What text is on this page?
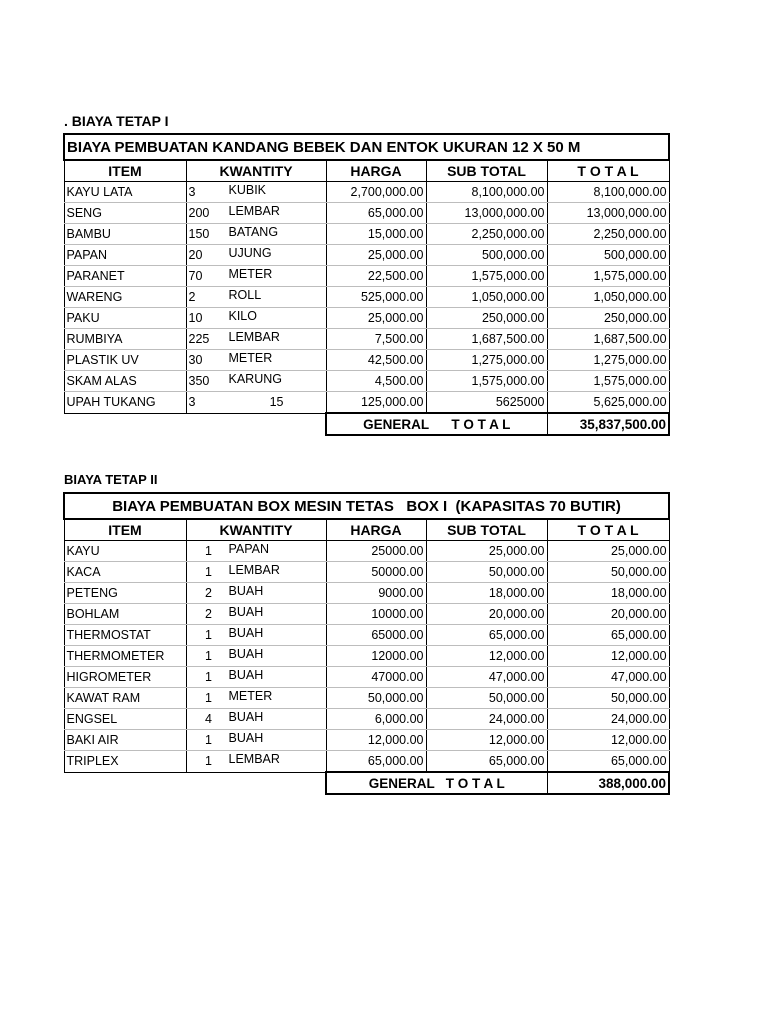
. BIAYA TETAP I
BIAYA PEMBUATAN KANDANG BEBEK DAN ENTOK UKURAN 12 X 50 M				
ITEM	KWANTITY	HARGA	SUB TOTAL	T O T A L
KAYU LATA	3 KUBIK	2,700,000.00	8,100,000.00	8,100,000.00
SENG	200 LEMBAR	65,000.00	13,000,000.00	13,000,000.00
BAMBU	150 BATANG	15,000.00	2,250,000.00	2,250,000.00
PAPAN	20 UJUNG	25,000.00	500,000.00	500,000.00
PARANET	70 METER	22,500.00	1,575,000.00	1,575,000.00
WARENG	2 ROLL	525,000.00	1,050,000.00	1,050,000.00
PAKU	10 KILO	25,000.00	250,000.00	250,000.00
RUMBIYA	225 LEMBAR	7,500.00	1,687,500.00	1,687,500.00
PLASTIK UV	30 METER	42,500.00	1,275,000.00	1,275,000.00
SKAM ALAS	350 KARUNG	4,500.00	1,575,000.00	1,575,000.00
UPAH TUKANG	3 15	125,000.00	5625000	5,625,000.00
		GENERAL      T O T A L		35,837,500.00
BIAYA TETAP II
BIAYA PEMBUATAN BOX MESIN TETAS   BOX I  (KAPASITAS 70 BUTIR)				
ITEM	KWANTITY	HARGA	SUB TOTAL	T O T A L
KAYU	1 PAPAN	25000.00	25,000.00	25,000.00
KACA	1 LEMBAR	50000.00	50,000.00	50,000.00
PETENG	2 BUAH	9000.00	18,000.00	18,000.00
BOHLAM	2 BUAH	10000.00	20,000.00	20,000.00
THERMOSTAT	1 BUAH	65000.00	65,000.00	65,000.00
THERMOMETER	1 BUAH	12000.00	12,000.00	12,000.00
HIGROMETER	1 BUAH	47000.00	47,000.00	47,000.00
KAWAT RAM	1 METER	50,000.00	50,000.00	50,000.00
ENGSEL	4 BUAH	6,000.00	24,000.00	24,000.00
BAKI AIR	1 BUAH	12,000.00	12,000.00	12,000.00
TRIPLEX	1 LEMBAR	65,000.00	65,000.00	65,000.00
		GENERAL   T O T A L		388,000.00
